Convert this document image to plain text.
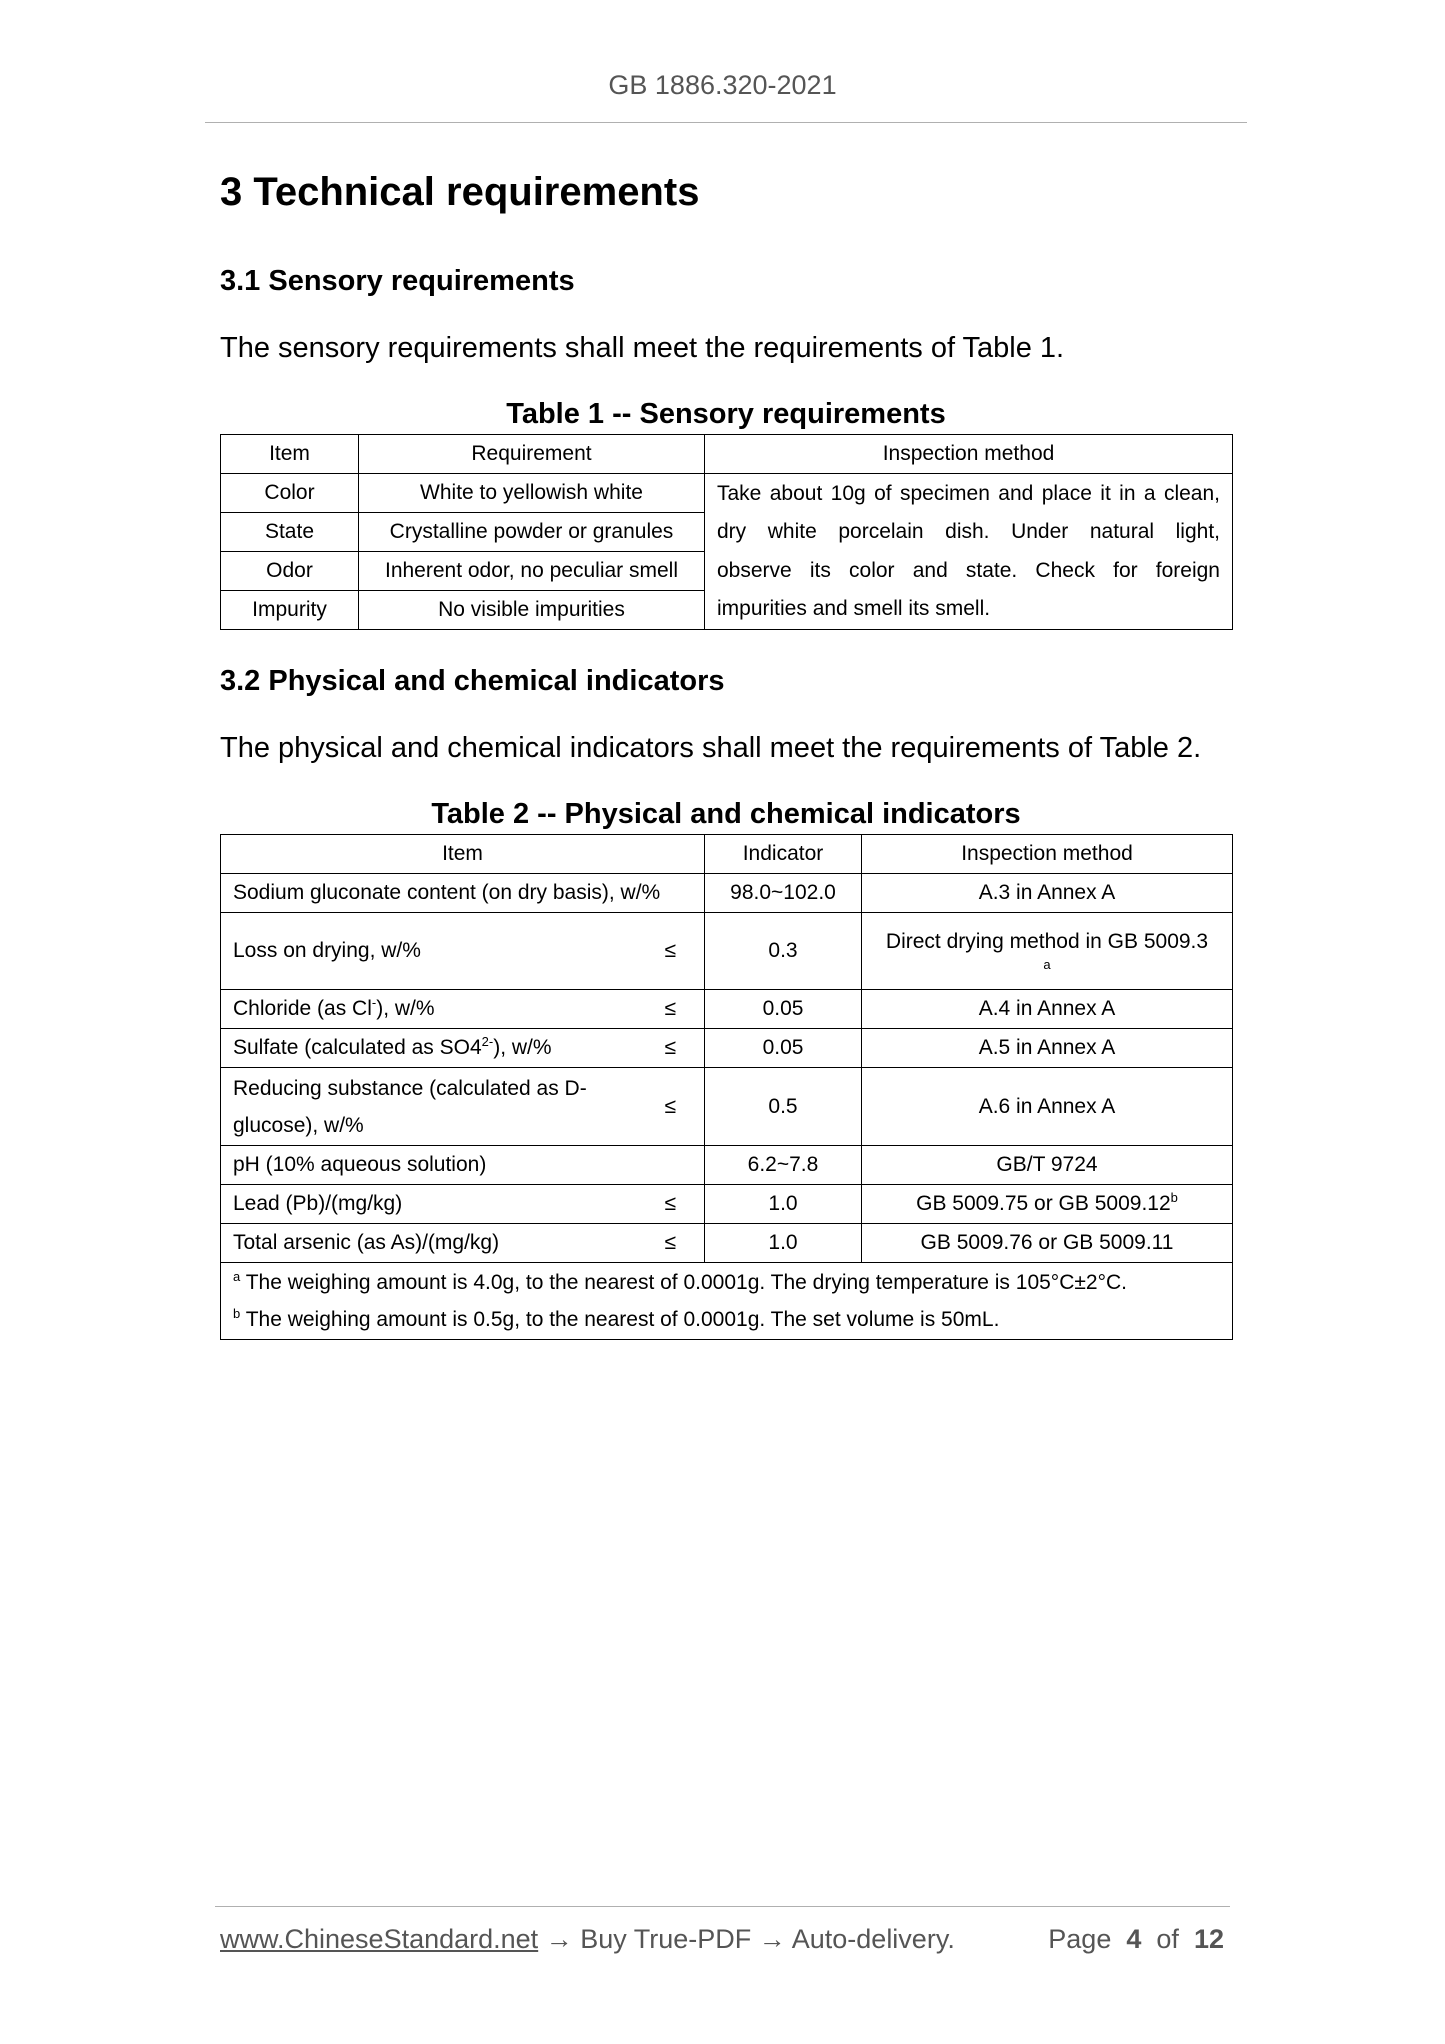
GB 1886.320-2021
3 Technical requirements
3.1 Sensory requirements

The sensory requirements shall meet the requirements of Table 1.

Table 1 -- Sensory requirements
Item	Requirement	Inspection method
Color	White to yellowish white	Take about 10g of specimen and place it in a clean,
dry white porcelain dish. Under natural light,
observe its color and state. Check for foreign
impurities and smell its smell.

State	Crystalline powder or granules	
Odor	Inherent odor, no peculiar smell	
Impurity	No visible impurities	
3.2 Physical and chemical indicators

The physical and chemical indicators shall meet the requirements of Table 2.

Table 2 -- Physical and chemical indicators
Item	Indicator	Inspection method
Sodium gluconate content (on dry basis), w/%	98.0~102.0	A.3 in Annex A

Loss on drying, w/% ≤	0.3	Direct drying method in GB 5009.3
a

Chloride (as Cl-), w/% ≤	0.05	A.4 in Annex A

Sulfate (calculated as $SO4^{2-}$), w/% ≤	0.05	A.5 in Annex A

Reducing substance (calculated as D-
glucose), w/%
≤	0.5	A.6 in Annex A
pH (10% aqueous solution)	6.2~7.8	GB/T 9724

Lead (Pb)/(mg/kg) ≤	1.0	GB 5009.75 or GB 5009.12$^b$

Total arsenic (as As)/(mg/kg) ≤	1.0	GB 5009.76 or GB 5009.11

$^a$ The weighing amount is 4.0g, to the nearest of 0.0001g. The drying temperature is 105°C±2°C.
$^b$ The weighing amount is 0.5g, to the nearest of 0.0001g. The set volume is 50mL.		
www.ChineseStandard.net → Buy True-PDF → Auto-delivery.	Page 4 of 12
